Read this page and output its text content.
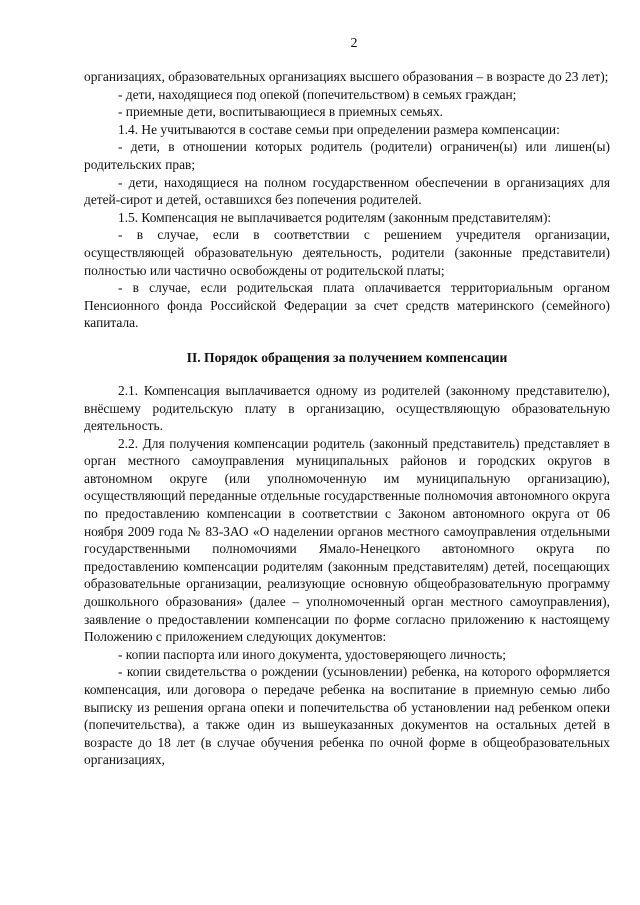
2

организациях, образовательных организациях высшего образования – в возрасте до 23 лет);

- дети, находящиеся под опекой (попечительством) в семьях граждан;

- приемные дети, воспитывающиеся в приемных семьях.

1.4. Не учитываются в составе семьи при определении размера компенсации:

- дети, в отношении которых родитель (родители) ограничен(ы) или лишен(ы) родительских прав;

- дети, находящиеся на полном государственном обеспечении в организациях для детей-сирот и детей, оставшихся без попечения родителей.

1.5. Компенсация не выплачивается родителям (законным представителям):

- в случае, если в соответствии с решением учредителя организации, осуществляющей образовательную деятельность, родители (законные представители) полностью или частично освобождены от родительской платы;

- в случае, если родительская плата оплачивается территориальным органом Пенсионного фонда Российской Федерации за счет средств материнского (семейного) капитала.

II. Порядок обращения за получением компенсации

2.1. Компенсация выплачивается одному из родителей (законному представителю), внёсшему родительскую плату в организацию, осуществляющую образовательную деятельность.

2.2. Для получения компенсации родитель (законный представитель) представляет в орган местного самоуправления муниципальных районов и городских округов в автономном округе (или уполномоченную им муниципальную организацию), осуществляющий переданные отдельные государственные полномочия автономного округа по предоставлению компенсации в соответствии с Законом автономного округа от 06 ноября 2009 года № 83-ЗАО «О наделении органов местного самоуправления отдельными государственными полномочиями Ямало-Ненецкого автономного округа по предоставлению компенсации родителям (законным представителям) детей, посещающих образовательные организации, реализующие основную общеобразовательную программу дошкольного образования» (далее – уполномоченный орган местного самоуправления), заявление о предоставлении компенсации по форме согласно приложению к настоящему Положению с приложением следующих документов:

- копии паспорта или иного документа, удостоверяющего личность;

- копии свидетельства о рождении (усыновлении) ребенка, на которого оформляется компенсация, или договора о передаче ребенка на воспитание в приемную семью либо выписку из решения органа опеки и попечительства об установлении над ребенком опеки (попечительства), а также один из вышеуказанных документов на остальных детей в возрасте до 18 лет (в случае обучения ребенка по очной форме в общеобразовательных организациях,
